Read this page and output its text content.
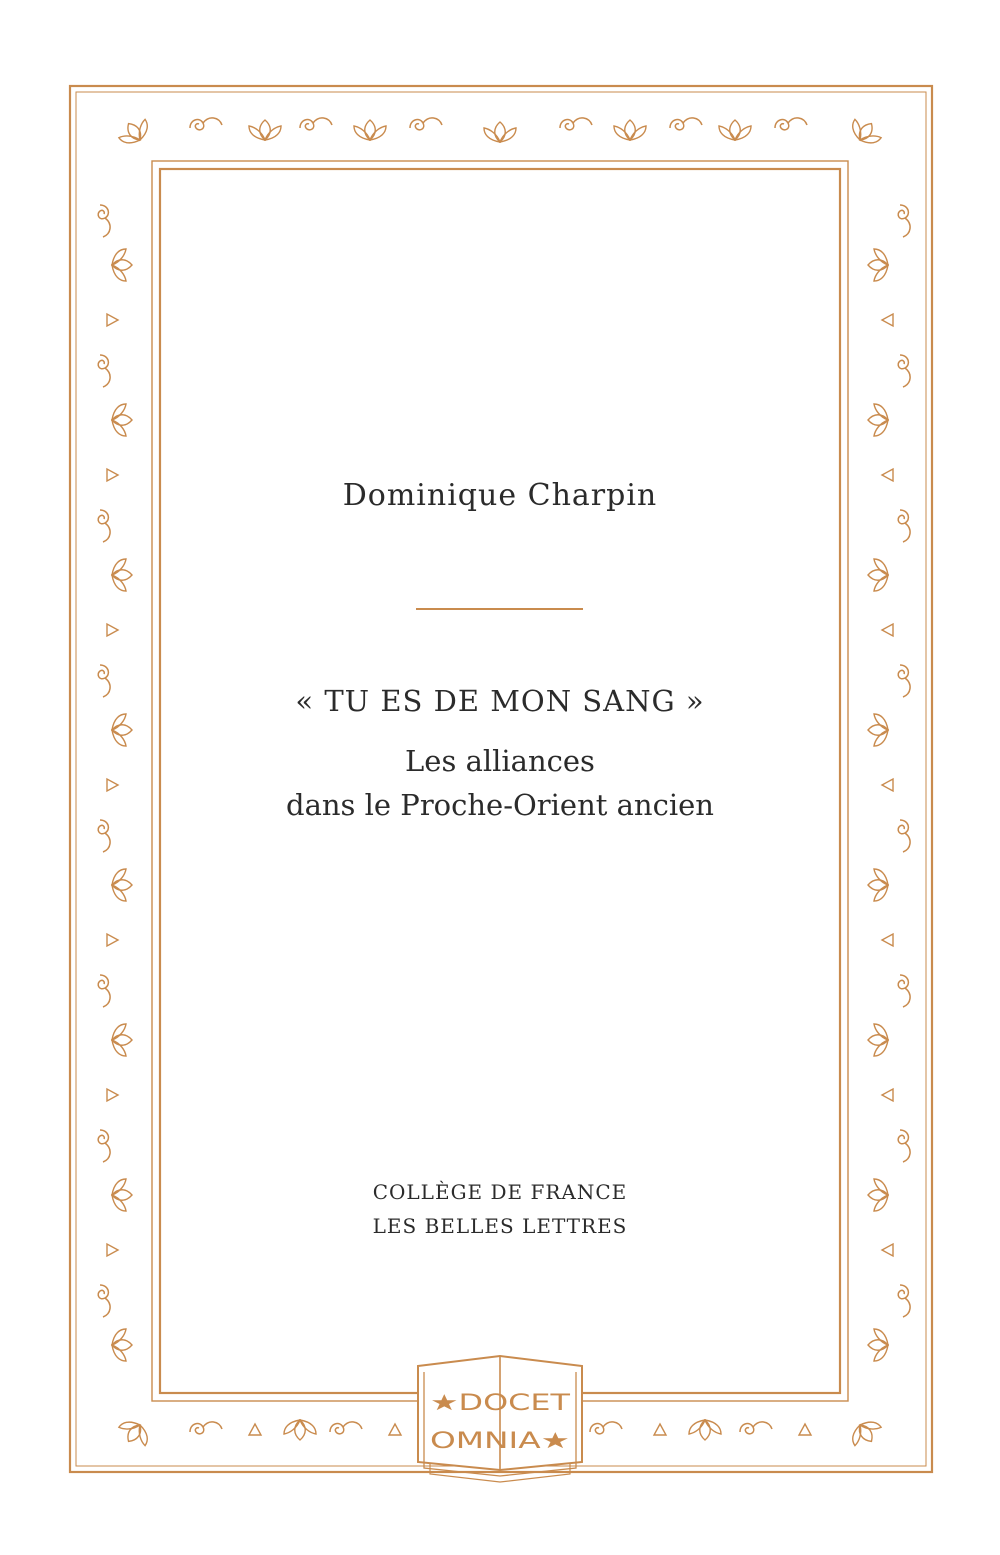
★DOCET
OMNIA★
Dominique Charpin
« TU ES DE MON SANG »
Les alliances
dans le Proche-Orient ancien
COLLÈGE DE FRANCE
LES BELLES LETTRES
